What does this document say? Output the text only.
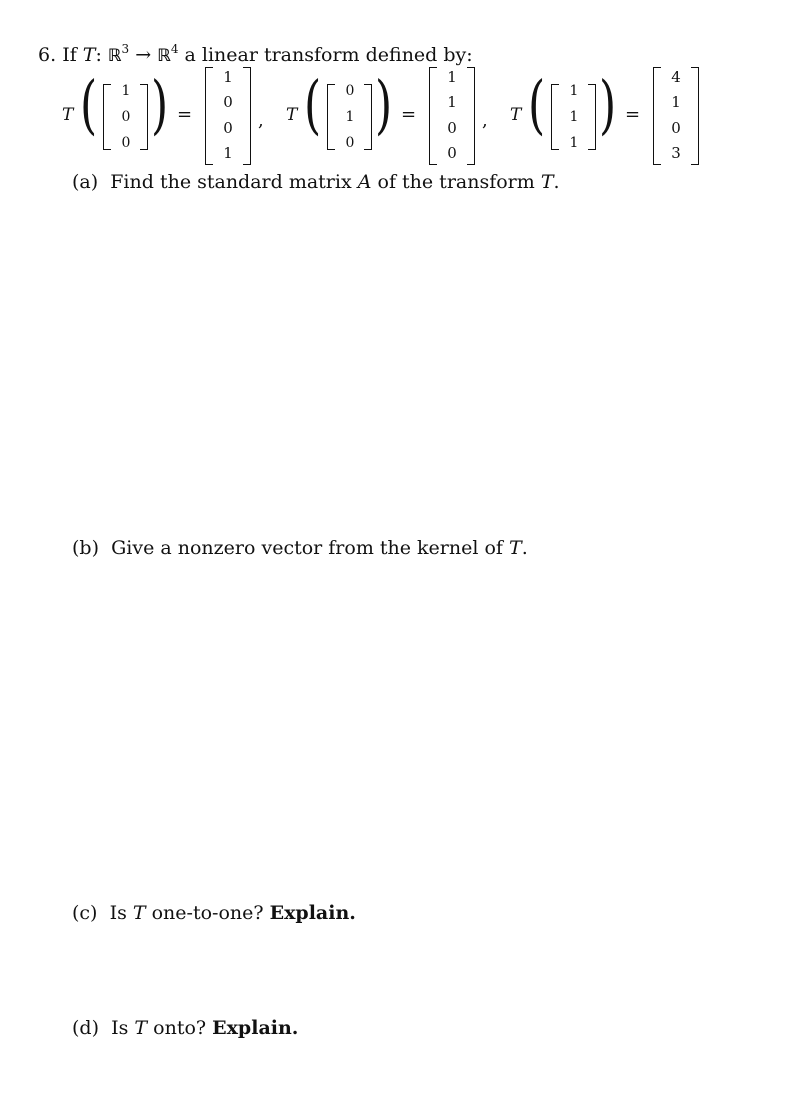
6. If T: ℝ$^3$ → ℝ$^4$ a linear transform defined by:
T ( 1
0
0
) =
1
0
0
1
, T ( 0
1
0
) =
1
1
0
0
, T ( 1
1
1
) =
4
1
0
3
(a) Find the standard matrix A of the transform T.
(b) Give a nonzero vector from the kernel of T.
(c) Is T one-to-one? Explain.
(d) Is T onto? Explain.
